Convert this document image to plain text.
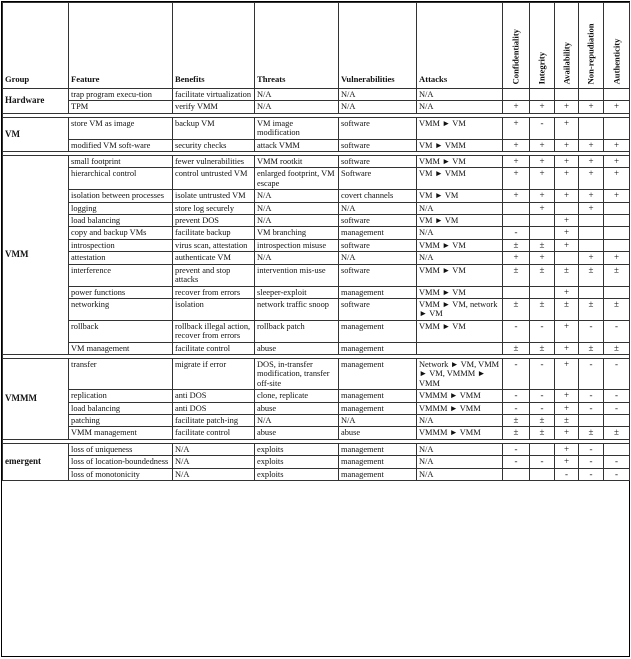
Group	Feature	Benefits	Threats	Vulnerabilities	Attacks	Confidentiality	Integrity	Availability	Non-repudiation	Authenticity

Hardware	trap program execu-tion	facilitate virtualization	N/A	N/A	N/A					
	TPM	verify VMM	N/A	N/A	N/A	+	+	+	+	+

VM	store VM as image	backup VM	VM image modification	software	VMM ► VM	+	-	+		
	modified VM soft-ware	security checks	attack VMM	software	VM ► VMM	+	+	+	+	+

VMM	small footprint	fewer vulnerabilities	VMM rootkit	software	VMM ► VM	+	+	+	+	+
	hierarchical control	control untrusted VM	enlarged footprint, VM escape	Software	VM ► VMM	+	+	+	+	+
	isolation between processes	isolate untrusted VM	N/A	covert channels	VM ► VM	+	+	+	+	+
	logging	store log securely	N/A	N/A	N/A		+		+	
	load balancing	prevent DOS	N/A	software	VM ► VM			+		
	copy and backup VMs	facilitate backup	VM branching	management	N/A	-		+		
	introspection	virus scan, attestation	introspection misuse	software	VMM ► VM	±	±	+		
	attestation	authenticate VM	N/A	N/A	N/A	+	+		+	+
	interference	prevent and stop attacks	intervention mis-use	software	VMM ► VM	±	±	±	±	±
	power functions	recover from errors	sleeper-exploit	management	VMM ► VM			+		
	networking	isolation	network traffic snoop	software	VMM ► VM, network ► VM	±	±	±	±	±
	rollback	rollback illegal action, recover from errors	rollback patch	management	VMM ► VM	-	-	+	-	-
	VM management	facilitate control	abuse	management		±	±	+	±	±

VMMM	transfer	migrate if error	DOS, in-transfer modification, transfer off-site	management	Network ► VM, VMM ► VM, VMMM ► VMM	-	-	+	-	-
	replication	anti DOS	clone, replicate	management	VMMM ► VMM	-	-	+	-	-
	load balancing	anti DOS	abuse	management	VMMM ► VMM	-	-	+	-	-
	patching	facilitate patch-ing	N/A	N/A	N/A	±	±	±		
	VMM management	facilitate control	abuse	abuse	VMMM ► VMM	±	±	+	±	±

emergent	loss of uniqueness	N/A	exploits	management	N/A	-		+	-	
	loss of location-boundedness	N/A	exploits	management	N/A	-	-	+	-	-
	loss of monotonicity	N/A	exploits	management	N/A			-	-	-
